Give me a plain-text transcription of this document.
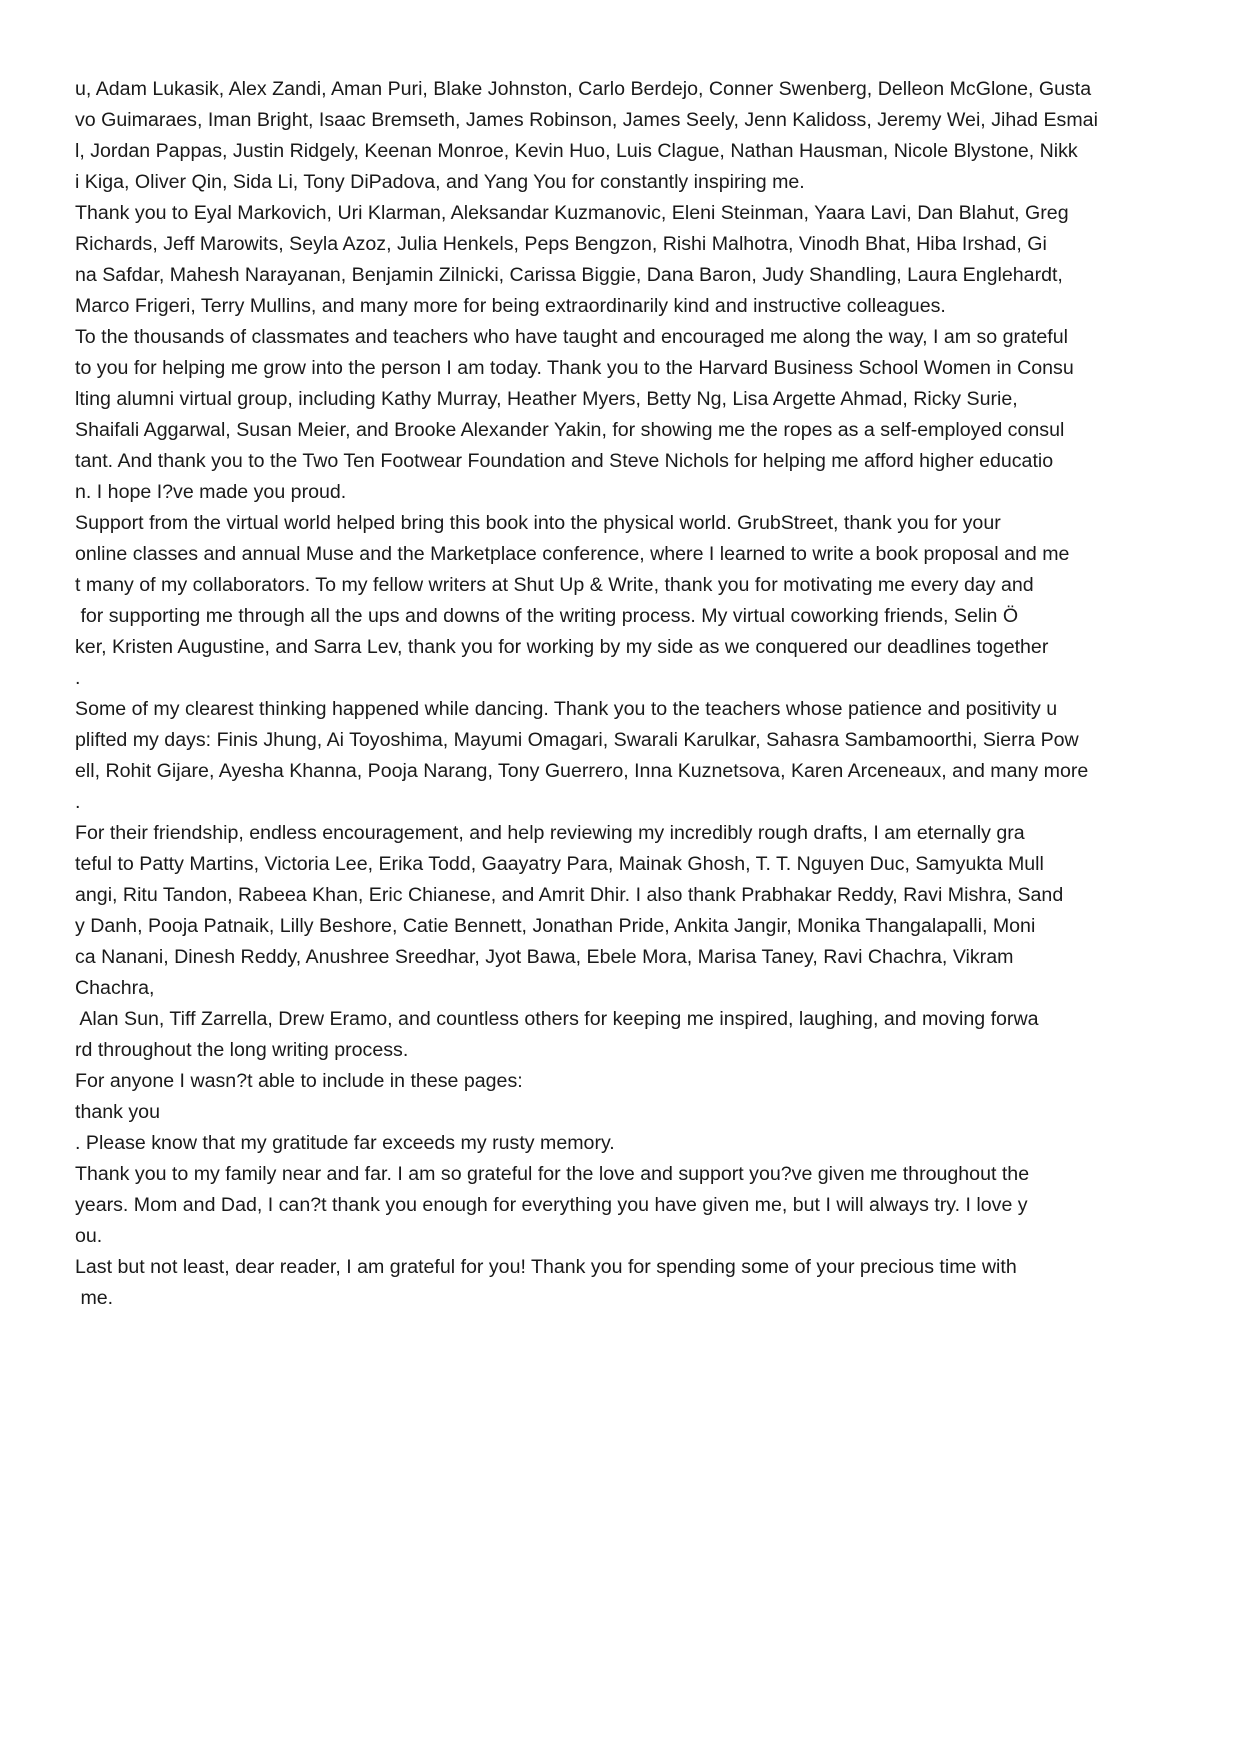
u, Adam Lukasik, Alex Zandi, Aman Puri, Blake Johnston, Carlo Berdejo, Conner Swenberg, Delleon McGlone, Gusta
vo Guimaraes, Iman Bright, Isaac Bremseth, James Robinson, James Seely, Jenn Kalidoss, Jeremy Wei, Jihad Esmai
l, Jordan Pappas, Justin Ridgely, Keenan Monroe, Kevin Huo, Luis Clague, Nathan Hausman, Nicole Blystone, Nikk
i Kiga, Oliver Qin, Sida Li, Tony DiPadova, and Yang You for constantly inspiring me.
Thank you to Eyal Markovich, Uri Klarman, Aleksandar Kuzmanovic, Eleni Steinman, Yaara Lavi, Dan Blahut, Greg
Richards, Jeff Marowits, Seyla Azoz, Julia Henkels, Peps Bengzon, Rishi Malhotra, Vinodh Bhat, Hiba Irshad, Gi
na Safdar, Mahesh Narayanan, Benjamin Zilnicki, Carissa Biggie, Dana Baron, Judy Shandling, Laura Englehardt,
Marco Frigeri, Terry Mullins, and many more for being extraordinarily kind and instructive colleagues.
To the thousands of classmates and teachers who have taught and encouraged me along the way, I am so grateful
to you for helping me grow into the person I am today. Thank you to the Harvard Business School Women in Consu
lting alumni virtual group, including Kathy Murray, Heather Myers, Betty Ng, Lisa Argette Ahmad, Ricky Surie,
Shaifali Aggarwal, Susan Meier, and Brooke Alexander Yakin, for showing me the ropes as a self-employed consul
tant. And thank you to the Two Ten Footwear Foundation and Steve Nichols for helping me afford higher educatio
n. I hope I?ve made you proud.
Support from the virtual world helped bring this book into the physical world. GrubStreet, thank you for your
online classes and annual Muse and the Marketplace conference, where I learned to write a book proposal and me
t many of my collaborators. To my fellow writers at Shut Up & Write, thank you for motivating me every day and
for supporting me through all the ups and downs of the writing process. My virtual coworking friends, Selin Ö
ker, Kristen Augustine, and Sarra Lev, thank you for working by my side as we conquered our deadlines together
.
Some of my clearest thinking happened while dancing. Thank you to the teachers whose patience and positivity u
plifted my days: Finis Jhung, Ai Toyoshima, Mayumi Omagari, Swarali Karulkar, Sahasra Sambamoorthi, Sierra Pow
ell, Rohit Gijare, Ayesha Khanna, Pooja Narang, Tony Guerrero, Inna Kuznetsova, Karen Arceneaux, and many more
.
For their friendship, endless encouragement, and help reviewing my incredibly rough drafts, I am eternally gra
teful to Patty Martins, Victoria Lee, Erika Todd, Gaayatry Para, Mainak Ghosh, T. T. Nguyen Duc, Samyukta Mull
angi, Ritu Tandon, Rabeea Khan, Eric Chianese, and Amrit Dhir. I also thank Prabhakar Reddy, Ravi Mishra, Sand
y Danh, Pooja Patnaik, Lilly Beshore, Catie Bennett, Jonathan Pride, Ankita Jangir, Monika Thangalapalli, Moni
ca Nanani, Dinesh Reddy, Anushree Sreedhar, Jyot Bawa, Ebele Mora, Marisa Taney, Ravi Chachra, Vikram
Chachra,
Alan Sun, Tiff Zarrella, Drew Eramo, and countless others for keeping me inspired, laughing, and moving forwa
rd throughout the long writing process.
For anyone I wasn?t able to include in these pages:
thank you
. Please know that my gratitude far exceeds my rusty memory.
Thank you to my family near and far. I am so grateful for the love and support you?ve given me throughout the
years. Mom and Dad, I can?t thank you enough for everything you have given me, but I will always try. I love y
ou.
Last but not least, dear reader, I am grateful for you! Thank you for spending some of your precious time with
me.
